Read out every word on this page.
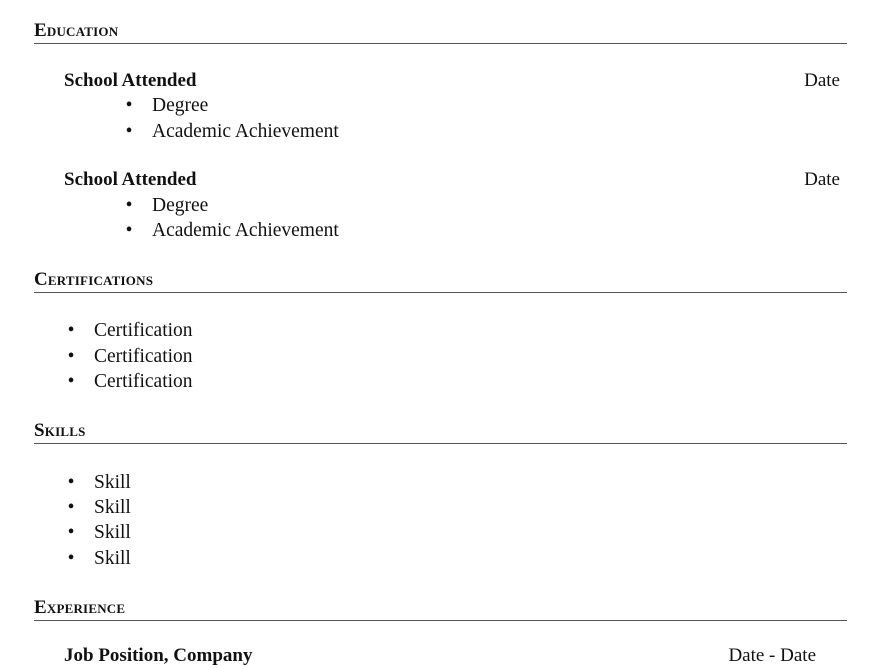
Education
School Attended	Date
• Degree
• Academic Achievement
School Attended	Date
• Degree
• Academic Achievement
Certifications
• Certification
• Certification
• Certification
Skills
• Skill
• Skill
• Skill
• Skill
Experience
Job Position, Company	Date - Date
